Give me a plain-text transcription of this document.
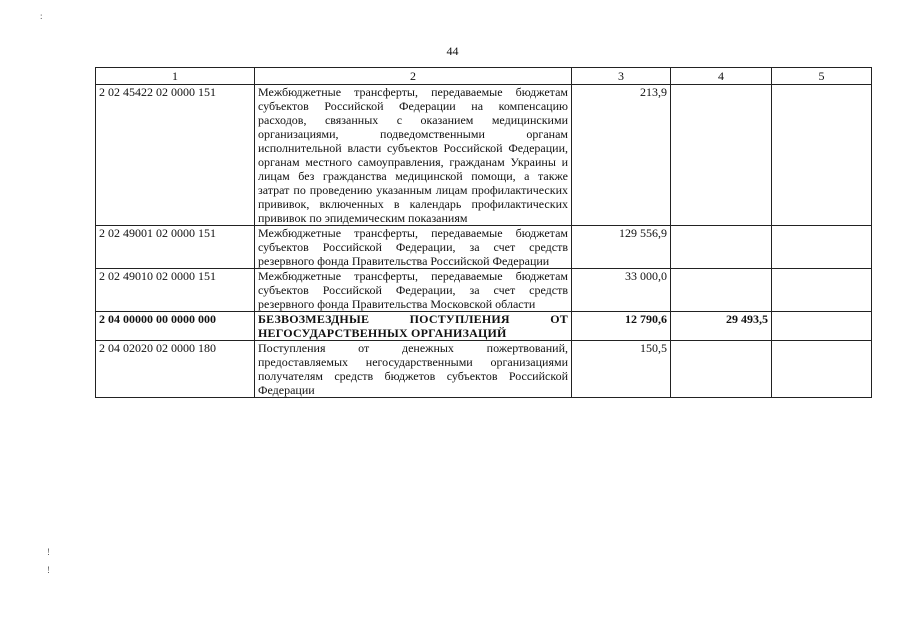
:
!
!
44
1	2	3	4	5
2 02 45422 02 0000 151	Межбюджетные трансферты, передаваемые бюджетам субъектов Российской Федерации на компенсацию расходов, связанных с оказанием медицинскими организациями, подведомственными органам исполнительной власти субъектов Российской Федерации, органам местного самоуправления, гражданам Украины и лицам без гражданства медицинской помощи, а также затрат по проведению указанным лицам профилактических прививок, включенных в календарь профилактических прививок по эпидемическим показаниям	213,9		
2 02 49001 02 0000 151	Межбюджетные трансферты, передаваемые бюджетам субъектов Российской Федерации, за счет средств резервного фонда Правительства Российской Федерации	129 556,9		
2 02 49010 02 0000 151	Межбюджетные трансферты, передаваемые бюджетам субъектов Российской Федерации, за счет средств резервного фонда Правительства Московской области	33 000,0		
2 04 00000 00 0000 000	БЕЗВОЗМЕЗДНЫЕ ПОСТУПЛЕНИЯ ОТ НЕГОСУДАРСТВЕННЫХ ОРГАНИЗАЦИЙ	12 790,6	29 493,5	
2 04 02020 02 0000 180	Поступления от денежных пожертвований, предоставляемых негосударственными организациями получателям средств бюджетов субъектов Российской Федерации	150,5		
